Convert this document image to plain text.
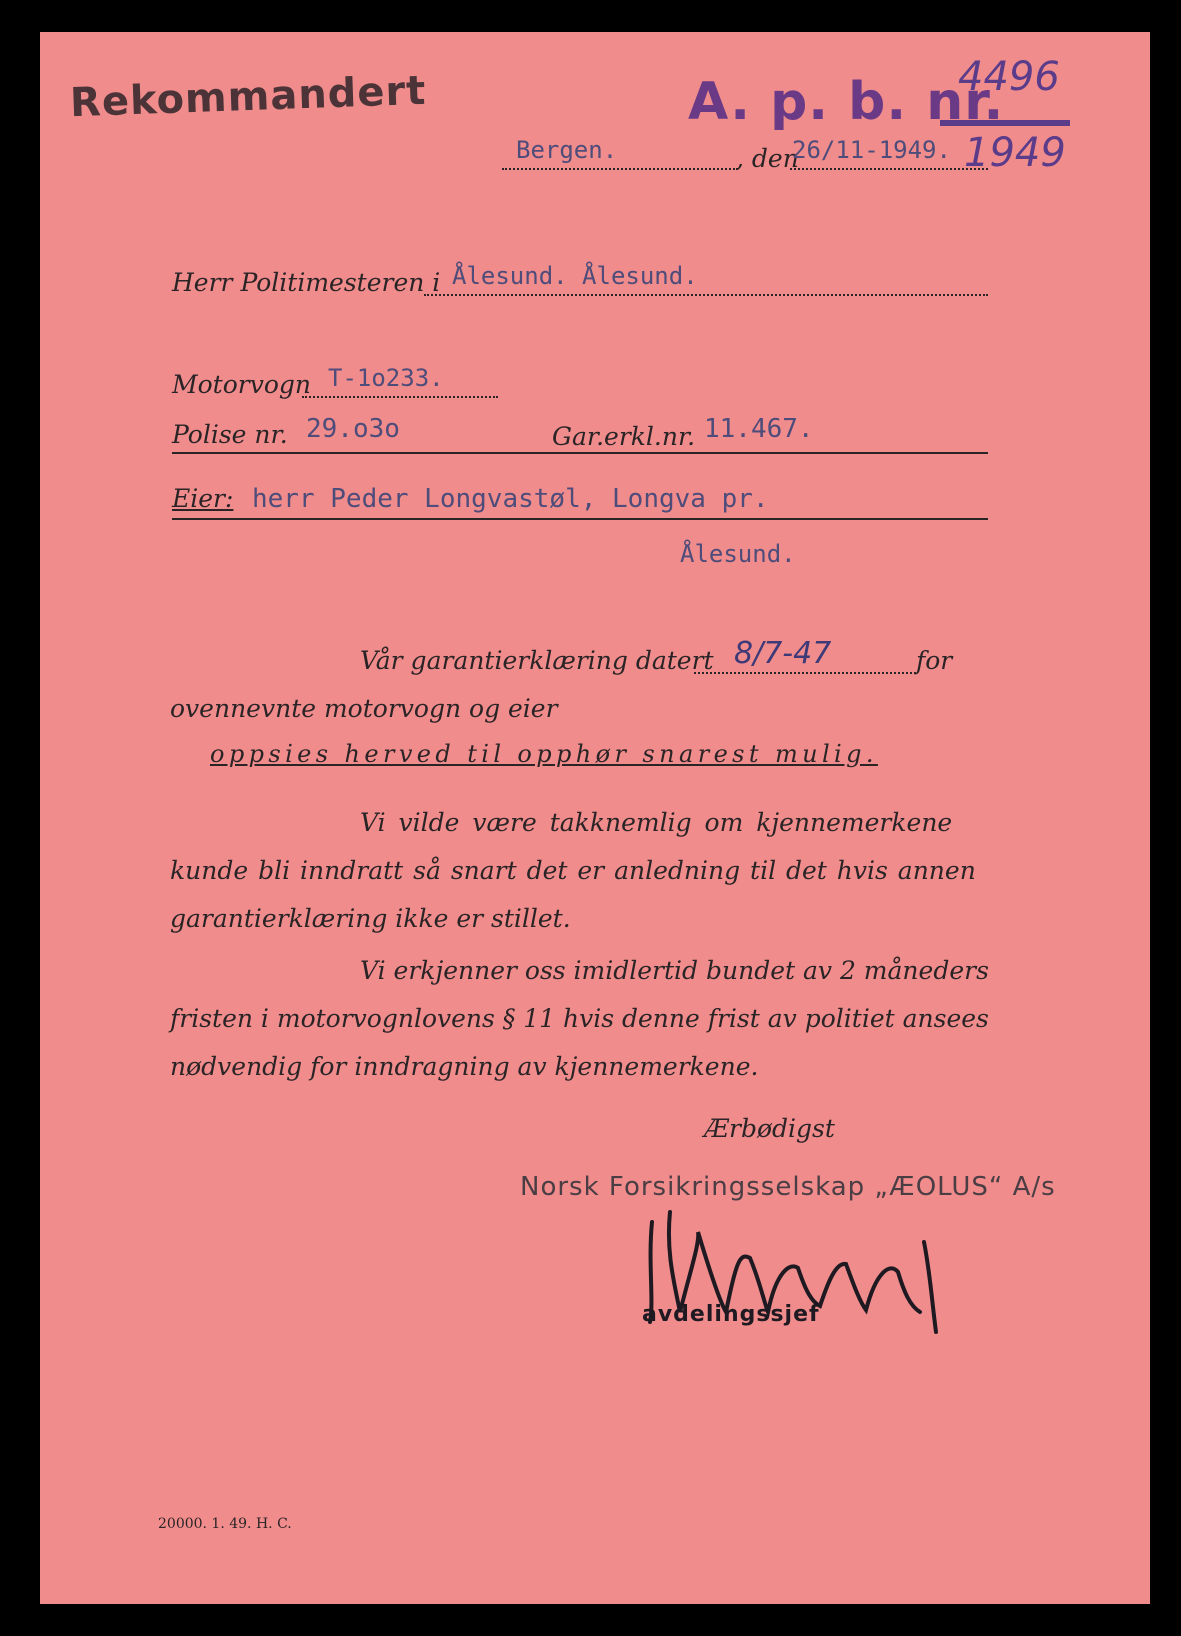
Rekommandert	A. p. b. nr.
4496
1949
Bergen.	, den
26/11-1949.
Herr Politimesteren i Ålesund. Ålesund.
Motorvogn T-1o233.
Polise nr. 29.o3o	Gar.erkl.nr. 11.467.
Eier: herr Peder Longvastøl, Longva pr.
Ålesund.
Vår garantierklæring datert 8/7-47	for
ovennevnte motorvogn og eier
oppsies herved til opphør snarest mulig.
Vi vilde være takknemlig om kjennemerkene
kunde bli inndratt så snart det er anledning til det hvis annen
garantierklæring ikke er stillet.
Vi erkjenner oss imidlertid bundet av 2 måneders
fristen i motorvognlovens § 11 hvis denne frist av politiet ansees
nødvendig for inndragning av kjennemerkene.
Ærbødigst
Norsk Forsikringsselskap „ÆOLUS“ A/s
avdelingssjef
20000. 1. 49. H. C.
